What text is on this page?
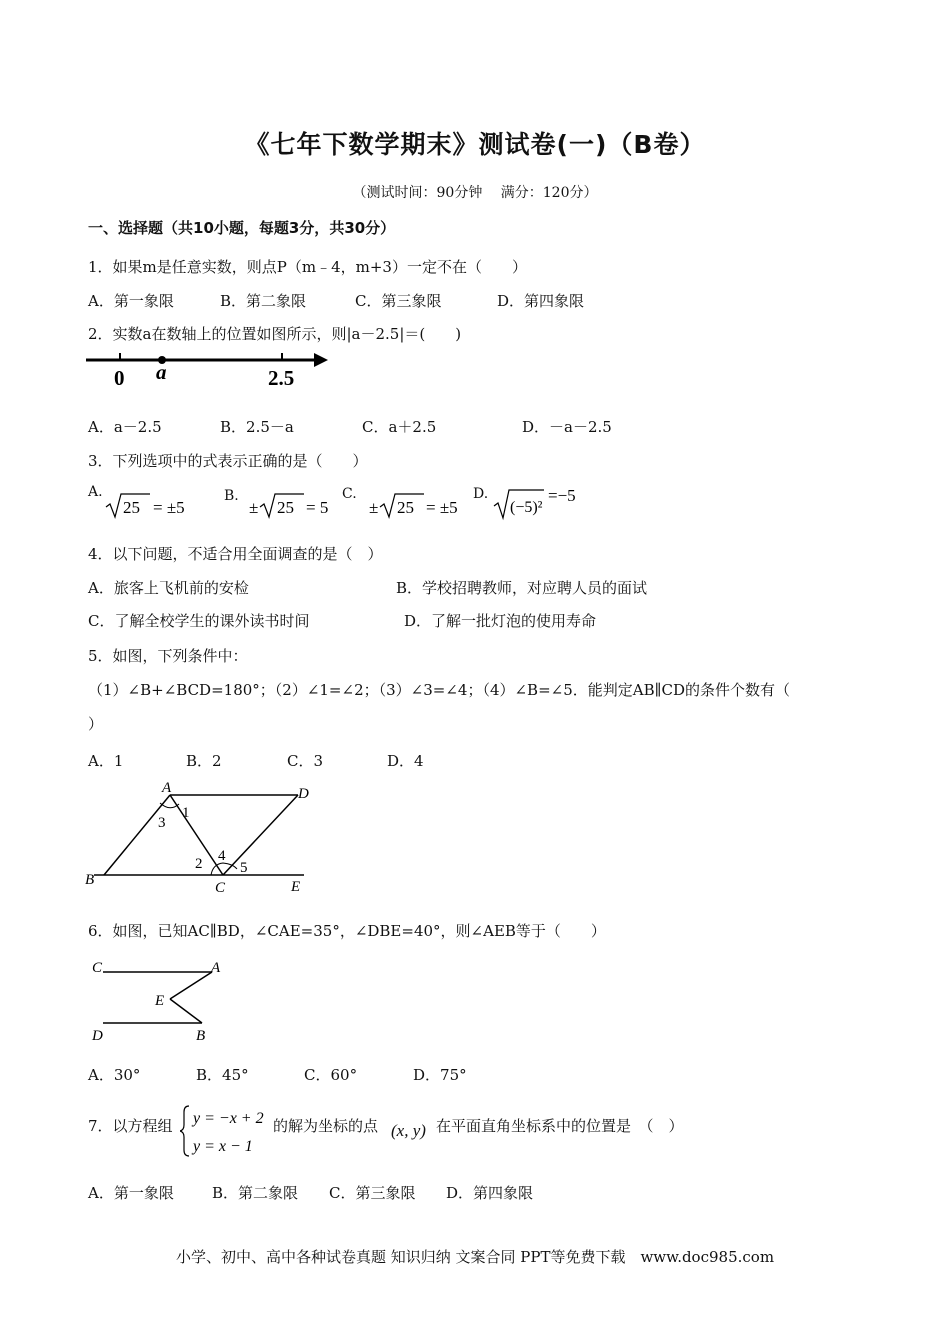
《七年下数学期末》测试卷(一)（B卷）
（测试时间：90分钟　 满分：120分）
一、选择题（共10小题，每题3分，共30分）
1．如果m是任意实数，则点P（m﹣4，m+3）一定不在（　　）
A．第一象限	B．第二象限	C．第三象限	D．第四象限
2．实数a在数轴上的位置如图所示，则|a－2.5|＝(　　)
0 a	2.5
A．a－2.5	B．2.5－a	C．a＋2.5	D．－a－2.5
3．下列选项中的式表示正确的是（　　）
A.
25 = ±5
B.
± 25 = 5
C.
± 25 = ±5
D.
(−5)²
=−5
4．以下问题，不适合用全面调查的是（　）
A．旅客上飞机前的安检	B．学校招聘教师，对应聘人员的面试
C．了解全校学生的课外读书时间	D．了解一批灯泡的使用寿命
5．如图，下列条件中：
（1）∠B+∠BCD=180°；（2）∠1=∠2；（3）∠3=∠4；（4）∠B=∠5．能判定AB∥CD的条件个数有（
）
A．1	B．2	C．3	D．4
A	D
1
3
2 4
5
B	C	E
6．如图，已知AC∥BD，∠CAE=35°，∠DBE=40°，则∠AEB等于（　　）
C	A
E
D	B
A．30°	B．45°	C．60°	D．75°
7．以方程组 y = −x + 2
y = x − 1
的解为坐标的点 (x, y) 在平面直角坐标系中的位置是　（　）
A．第一象限	B．第二象限 C．第三象限 D．第四象限
小学、初中、高中各种试卷真题 知识归纳 文案合同 PPT等免费下载　www.doc985.com
